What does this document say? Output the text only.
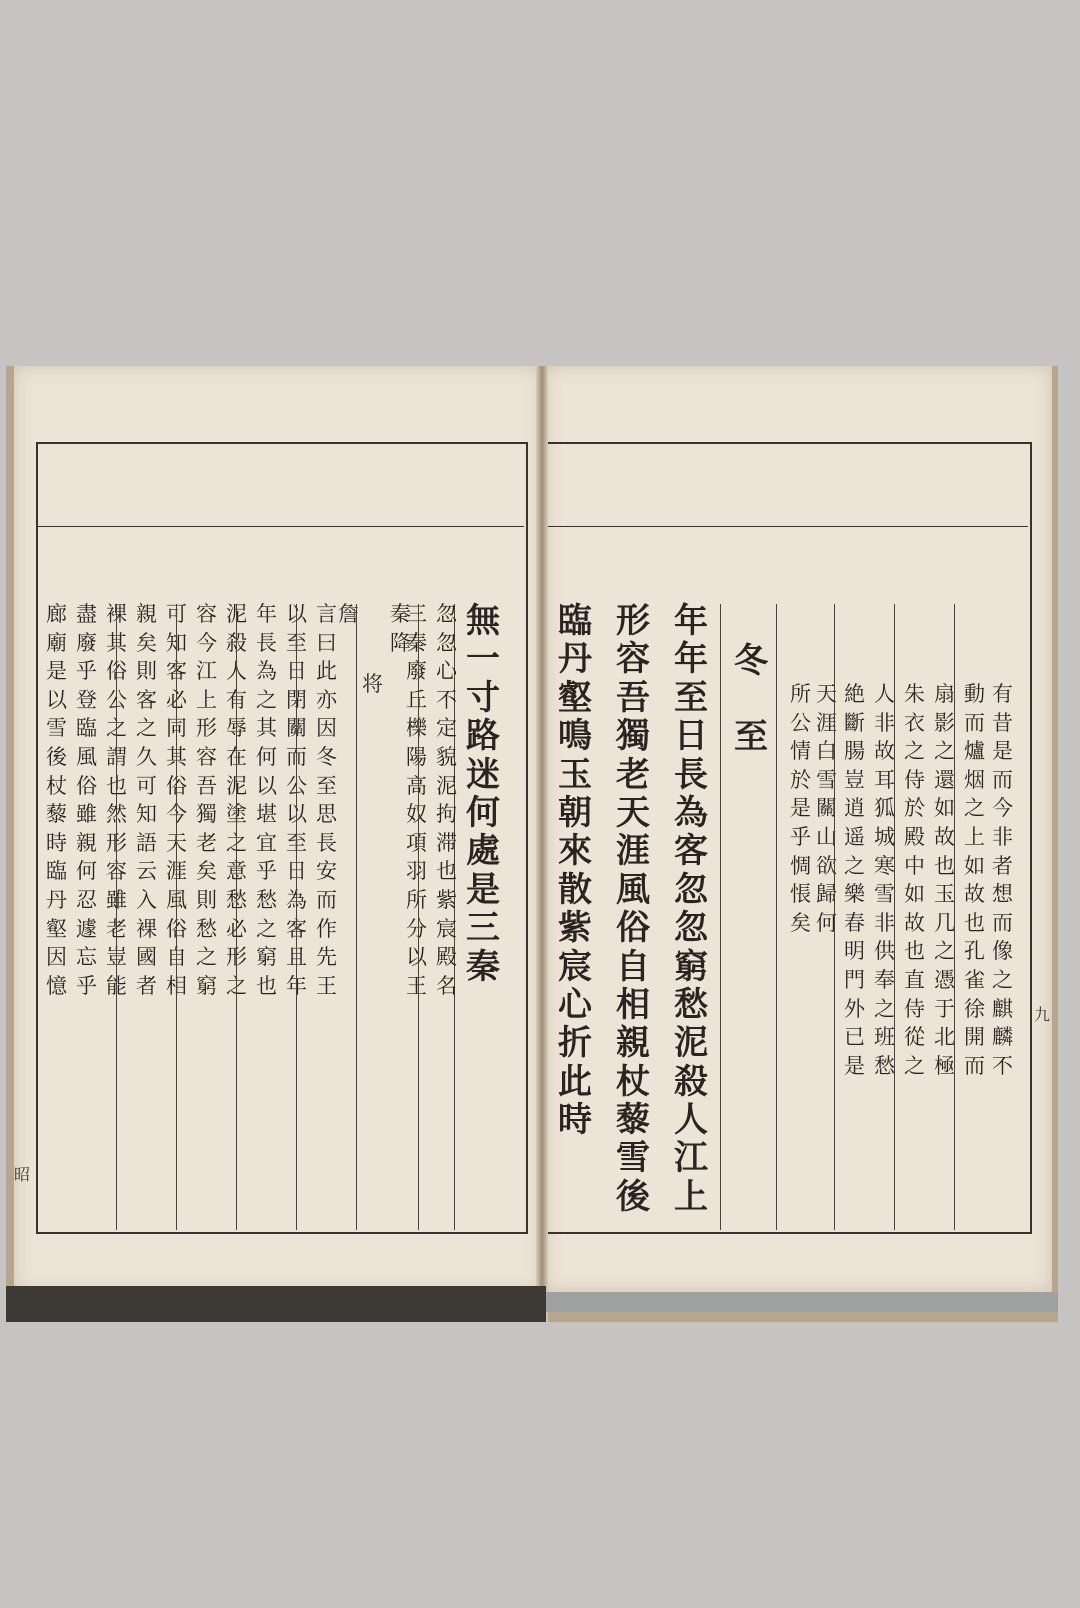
無
一
寸
路
迷
何
處
是
三
秦
忽
忽
心
不
定
貌
泥
拘
滞
也
紫
宸
殿
名
三
秦
廢
丘
櫟
陽
高
奴
項
羽
所
分
以
王
秦
降
将
詹
言
曰
此
亦
因
冬
至
思
長
安
而
作
先
王
以
至
日
閉
關
而
公
以
至
日
為
客
且
年
年
長
為
之
其
何
以
堪
宜
乎
愁
之
窮
也
泥
殺
人
有
辱
在
泥
塗
之
意
愁
必
形
之
容
今
江
上
形
容
吾
獨
老
矣
則
愁
之
窮
可
知
客
必
同
其
俗
今
天
涯
風
俗
自
相
親
矣
則
客
之
久
可
知
語
云
入
裸
國
者
裸
其
俗
公
之
謂
也
然
形
容
雖
老
豈
能
盡
廢
乎
登
臨
風
俗
雖
親
何
忍
遽
忘
乎
廊
廟
是
以
雪
後
杖
藜
時
臨
丹
壑
因
憶
昭
年
年
至
日
長
為
客
忽
忽
窮
愁
泥
殺
人
江
上
形
容
吾
獨
老
天
涯
風
俗
自
相
親
杖
藜
雪
後
臨
丹
壑
鳴
玉
朝
來
散
紫
宸
心
折
此
時
冬
至
所
公
情
於
是
乎
惆
悵
矣
天
涯
白
雪
關
山
欲
歸
何
絶
斷
腸
豈
逍
遥
之
樂
春
明
門
外
已
是
人
非
故
耳
狐
城
寒
雪
非
供
奉
之
班
愁
朱
衣
之
侍
於
殿
中
如
故
也
直
侍
從
之
扇
影
之
還
如
故
也
玉
几
之
憑
于
北
極
動
而
爐
烟
之
上
如
故
也
孔
雀
徐
開
而
有
昔
是
而
今
非
者
想
而
像
之
麒
麟
不
九
